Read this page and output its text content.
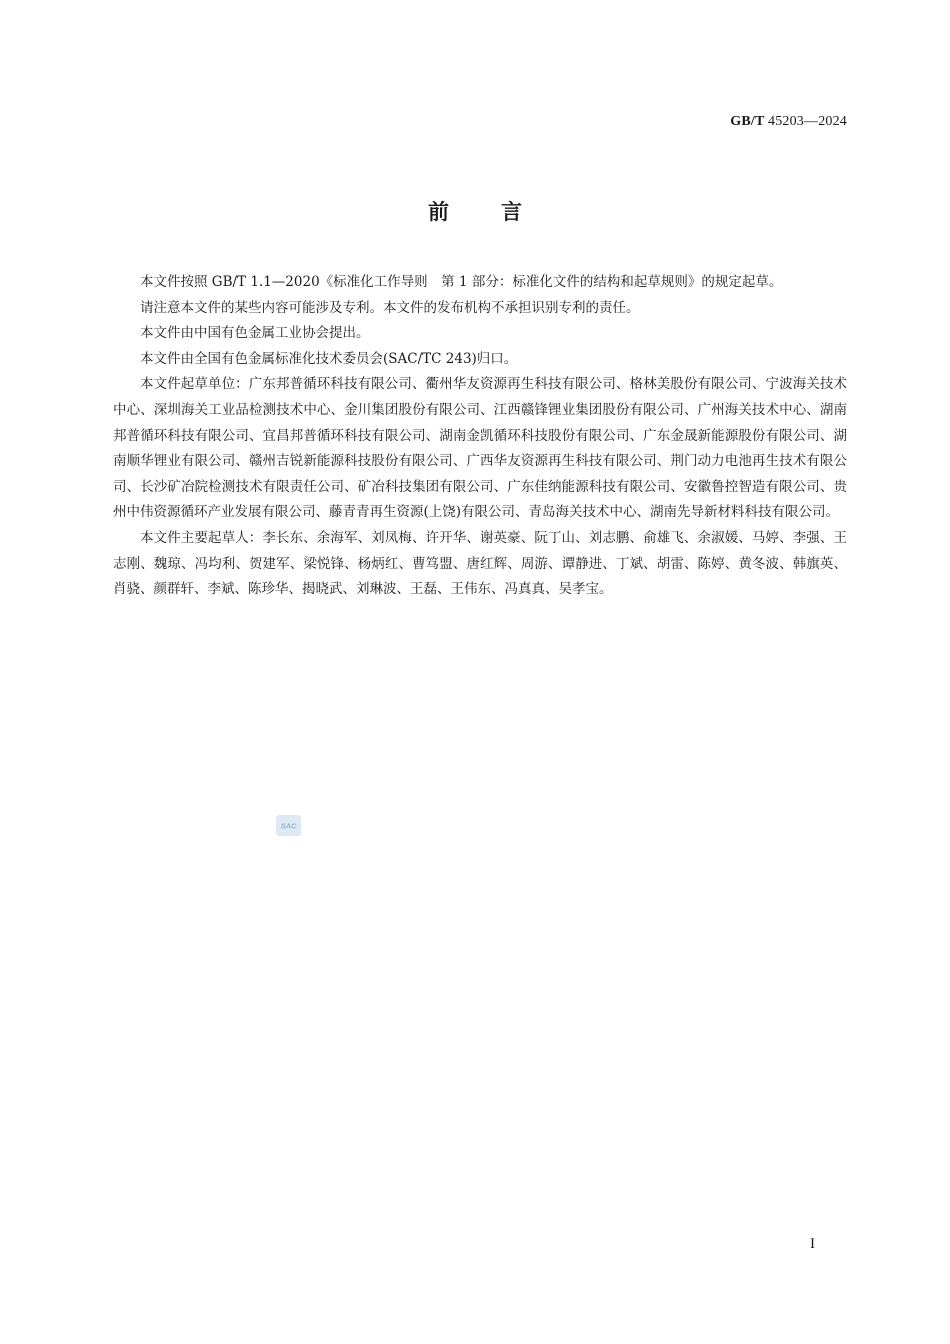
GB/T 45203—2024
前 言

本文件按照 GB/T 1.1—2020《标准化工作导则　第 1 部分：标准化文件的结构和起草规则》的规定起草。

请注意本文件的某些内容可能涉及专利。本文件的发布机构不承担识别专利的责任。

本文件由中国有色金属工业协会提出。

本文件由全国有色金属标准化技术委员会(SAC/TC 243)归口。

本文件起草单位：广东邦普循环科技有限公司、衢州华友资源再生科技有限公司、格林美股份有限公司、宁波海关技术中心、深圳海关工业品检测技术中心、金川集团股份有限公司、江西赣锋锂业集团股份有限公司、广州海关技术中心、湖南邦普循环科技有限公司、宜昌邦普循环科技有限公司、湖南金凯循环科技股份有限公司、广东金晟新能源股份有限公司、湖南顺华锂业有限公司、赣州吉锐新能源科技股份有限公司、广西华友资源再生科技有限公司、荆门动力电池再生技术有限公司、长沙矿冶院检测技术有限责任公司、矿冶科技集团有限公司、广东佳纳能源科技有限公司、安徽鲁控智造有限公司、贵州中伟资源循环产业发展有限公司、藤青青再生资源(上饶)有限公司、青岛海关技术中心、湖南先导新材料科技有限公司。

本文件主要起草人：李长东、余海军、刘凤梅、许开华、谢英豪、阮丁山、刘志鹏、俞雄飞、余淑媛、马婷、李强、王志刚、魏琼、冯均利、贺建军、梁悦锋、杨炳红、曹笃盟、唐红辉、周游、谭静进、丁斌、胡雷、陈婷、黄冬波、韩旗英、肖骁、颜群轩、李斌、陈珍华、揭晓武、刘琳波、王磊、王伟东、冯真真、吴孝宝。

SAC
I
